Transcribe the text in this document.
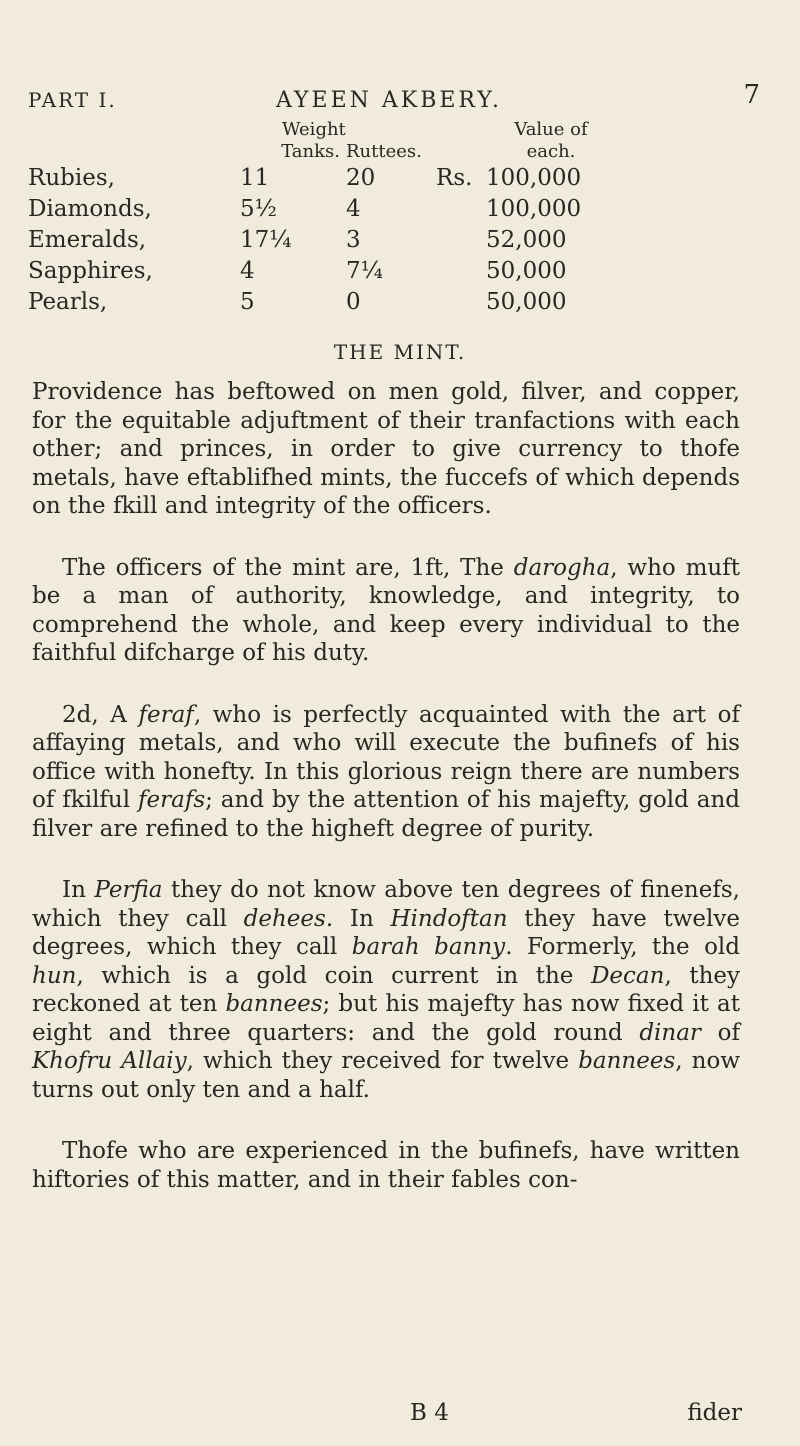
PART I.	AYEEN AKBERY.	7
	Weight		Value of	
	Tanks.	Ruttees.	each.	
Rubies,	11	20	Rs.	100,000
Diamonds,	5½	4		100,000
Emeralds,	17¼	3		52,000
Sapphires,	4	7¼		50,000
Pearls,	5	0		50,000
THE MINT.

Providence has beftowed on men gold, filver, and copper, for the equitable adjuftment of their tranfactions with each other; and princes, in order to give currency to thofe metals, have eftablifhed mints, the fuccefs of which depends on the fkill and integrity of the officers.

The officers of the mint are, 1ft, The darogha, who muft be a man of authority, knowledge, and integrity, to comprehend the whole, and keep every individual to the faithful difcharge of his duty.

2d, A feraf, who is perfectly acquainted with the art of affaying metals, and who will execute the bufinefs of his office with honefty. In this glorious reign there are numbers of fkilful ferafs; and by the attention of his majefty, gold and filver are refined to the higheft degree of purity.

In Perfia they do not know above ten degrees of finenefs, which they call dehees. In Hindoftan they have twelve degrees, which they call barah banny. Formerly, the old hun, which is a gold coin current in the Decan, they reckoned at ten bannees; but his majefty has now fixed it at eight and three quarters: and the gold round dinar of Khofru Allaiy, which they received for twelve bannees, now turns out only ten and a half.

Thofe who are experienced in the bufinefs, have written hiftories of this matter, and in their fables con-

B 4	fider
